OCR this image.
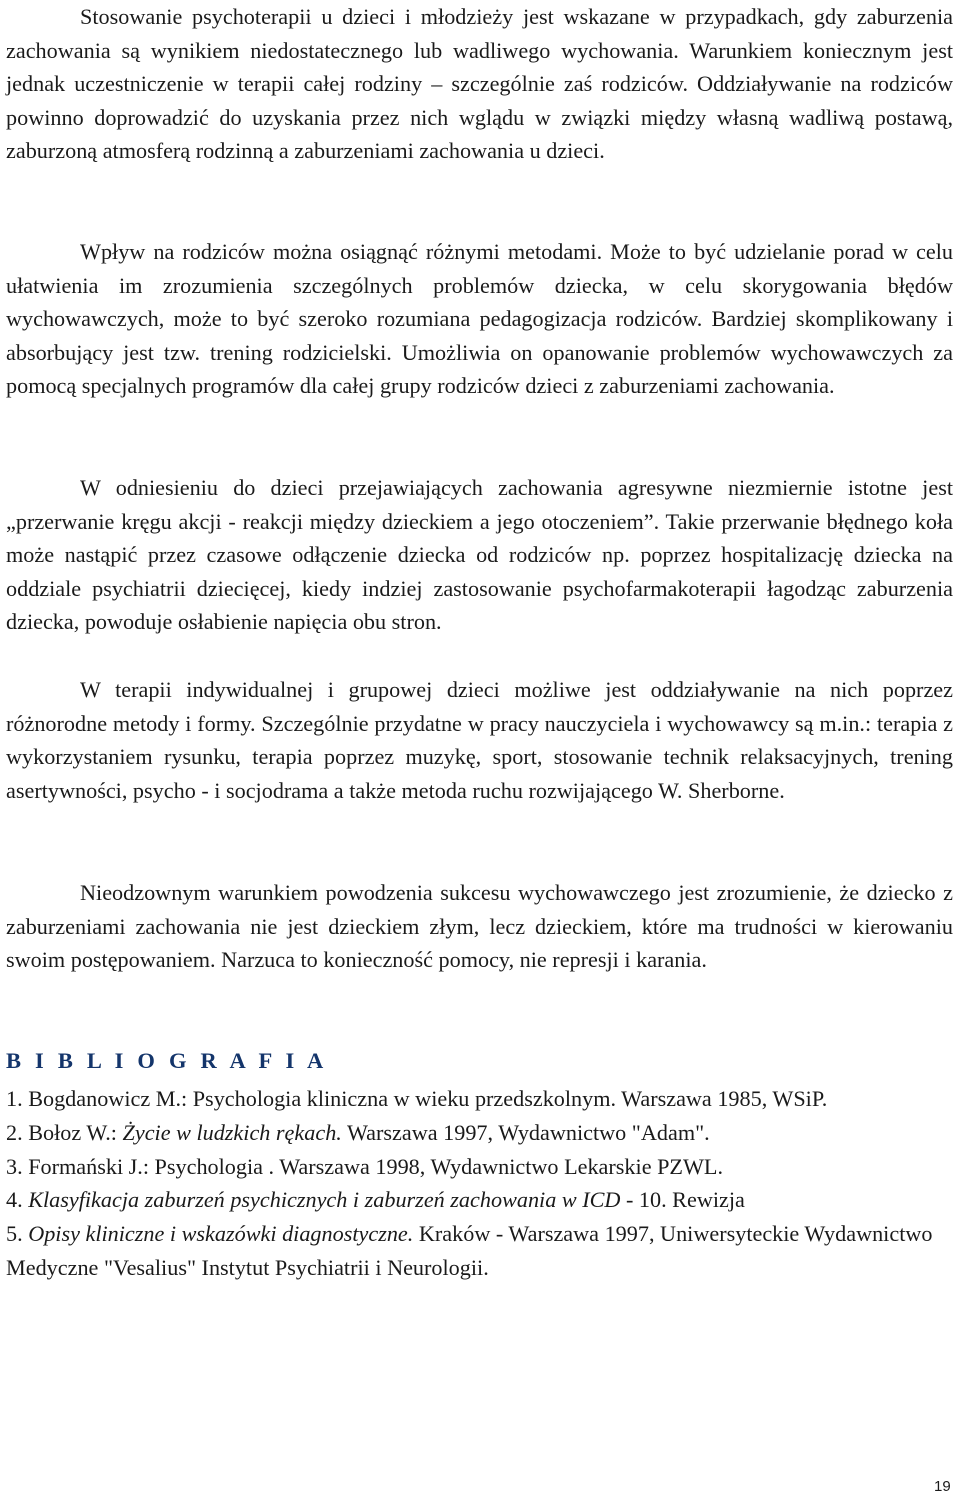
Stosowanie psychoterapii u dzieci i młodzieży jest wskazane w przypadkach, gdy zaburzenia zachowania są wynikiem niedostatecznego lub wadliwego wychowania. Warunkiem koniecznym jest jednak uczestniczenie w terapii całej rodziny – szczególnie zaś rodziców. Oddziaływanie na rodziców powinno doprowadzić do uzyskania przez nich wglądu w związki między własną wadliwą postawą, zaburzoną atmosferą rodzinną a zaburzeniami zachowania u dzieci.

Wpływ na rodziców można osiągnąć różnymi metodami. Może to być udzielanie porad w celu ułatwienia im zrozumienia szczególnych problemów dziecka, w celu skorygowania błędów wychowawczych, może to być szeroko rozumiana pedagogizacja rodziców. Bardziej skomplikowany i absorbujący jest tzw. trening rodzicielski. Umożliwia on opanowanie problemów wychowawczych za pomocą specjalnych programów dla całej grupy rodziców dzieci z zaburzeniami zachowania.

W odniesieniu do dzieci przejawiających zachowania agresywne niezmiernie istotne jest „przerwanie kręgu akcji - reakcji między dzieckiem a jego otoczeniem”. Takie przerwanie błędnego koła może nastąpić przez czasowe odłączenie dziecka od rodziców np. poprzez hospitalizację dziecka na oddziale psychiatrii dziecięcej, kiedy indziej zastosowanie psychofarmakoterapii łagodząc zaburzenia dziecka, powoduje osłabienie napięcia obu stron.

W terapii indywidualnej i grupowej dzieci możliwe jest oddziaływanie na nich poprzez różnorodne metody i formy. Szczególnie przydatne w pracy nauczyciela i wychowawcy są m.in.: terapia z wykorzystaniem rysunku, terapia poprzez muzykę, sport, stosowanie technik relaksacyjnych, trening asertywności, psycho - i socjodrama a także metoda ruchu rozwijającego W. Sherborne.

Nieodzownym warunkiem powodzenia sukcesu wychowawczego jest zrozumienie, że dziecko z zaburzeniami zachowania nie jest dzieckiem złym, lecz dzieckiem, które ma trudności w kierowaniu swoim postępowaniem. Narzuca to konieczność pomocy, nie represji i karania.

B I B L I O G R A F I A
1. Bogdanowicz M.: Psychologia kliniczna w wieku przedszkolnym. Warszawa 1985, WSiP.
2. Bołoz W.: Życie w ludzkich rękach. Warszawa 1997, Wydawnictwo "Adam".
3. Formański J.: Psychologia . Warszawa 1998, Wydawnictwo Lekarskie PZWL.
4. Klasyfikacja zaburzeń psychicznych i zaburzeń zachowania w ICD - 10. Rewizja
5. Opisy kliniczne i wskazówki diagnostyczne. Kraków - Warszawa 1997, Uniwersyteckie Wydawnictwo Medyczne "Vesalius" Instytut Psychiatrii i Neurologii.
19
